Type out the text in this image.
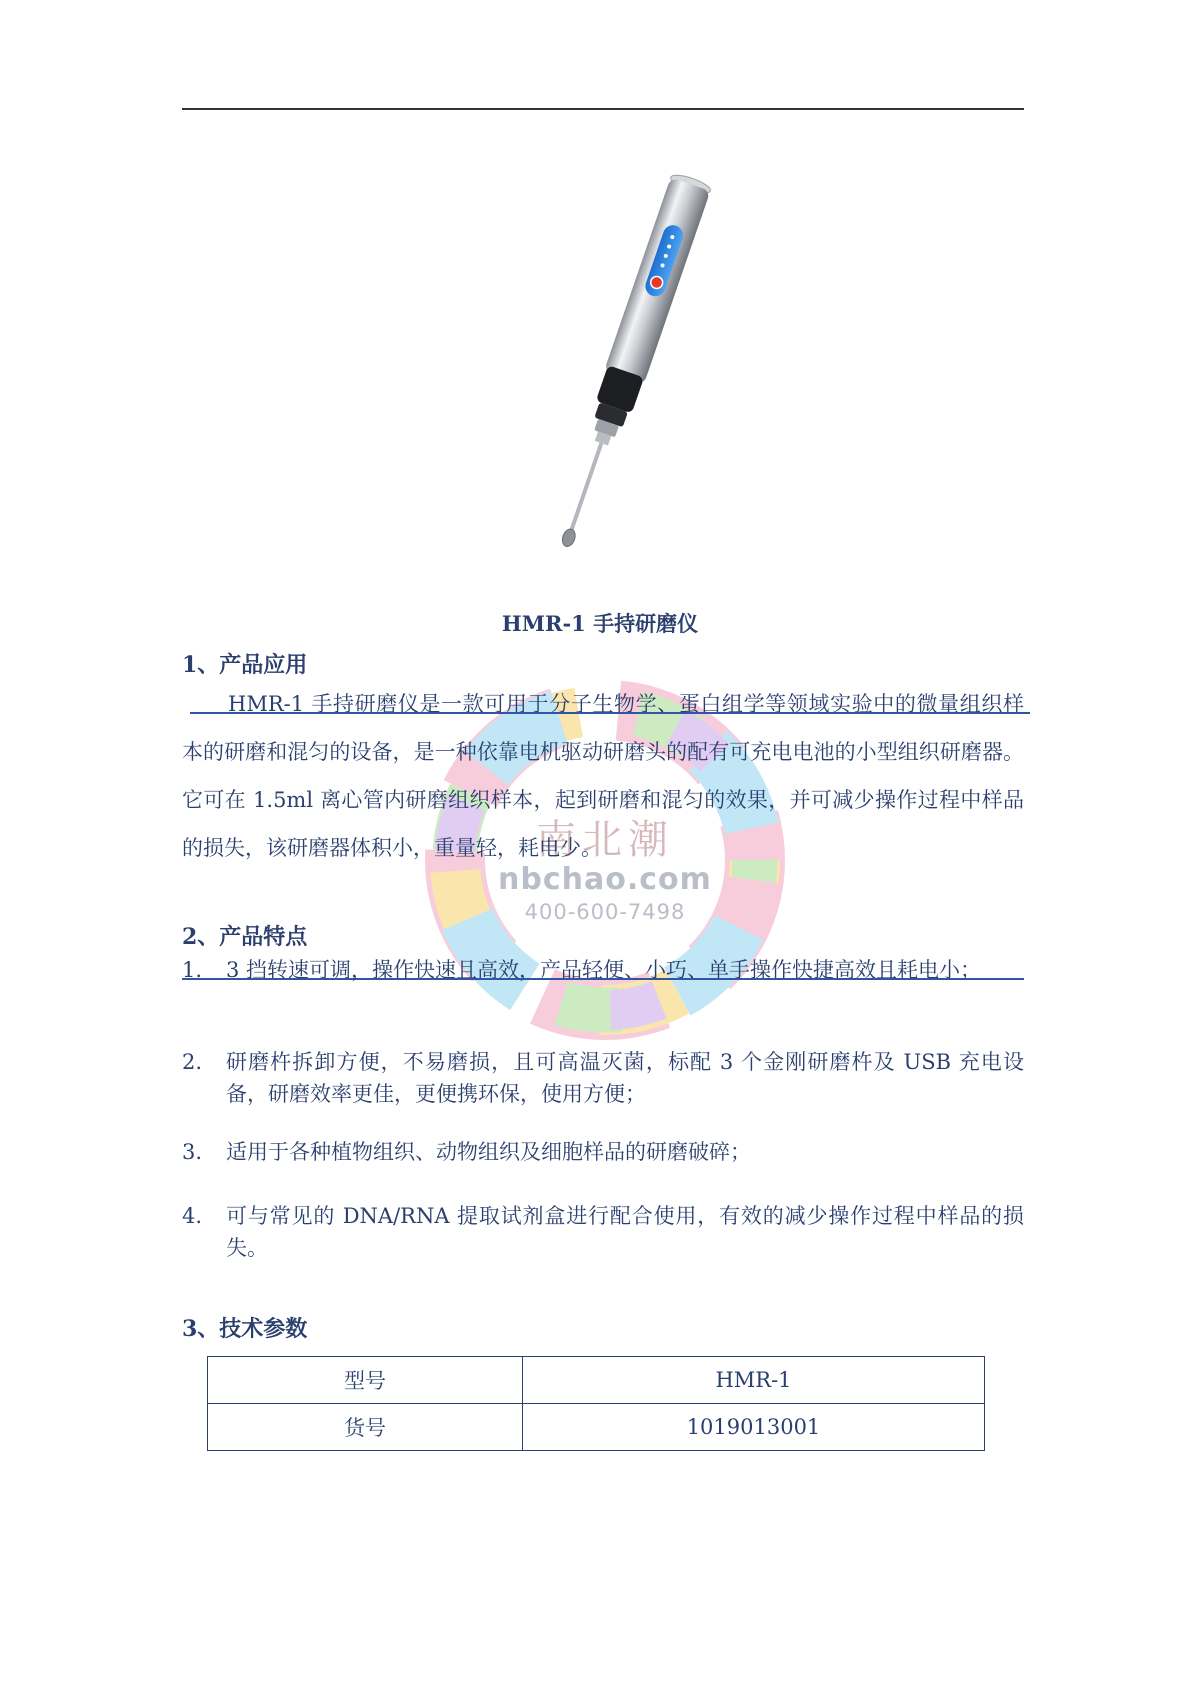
南北潮
nbchao.com
400-600-7498
HMR-1 手持研磨仪
1、产品应用

HMR-1 手持研磨仪是一款可用于分子生物学、蛋白组学等领域实验中的微量组织样本的研磨和混匀的设备，是一种依靠电机驱动研磨头的配有可充电电池的小型组织研磨器。它可在 1.5ml 离心管内研磨组织样本，起到研磨和混匀的效果，并可减少操作过程中样品的损失，该研磨器体积小，重量轻，耗电少。

2、产品特点
1.	3 挡转速可调，操作快速且高效，产品轻便、小巧、单手操作快捷高效且耗电小；
2.	研磨杵拆卸方便，不易磨损，且可高温灭菌，标配 3 个金刚研磨杵及 USB 充电设备，研磨效率更佳，更便携环保，使用方便；
3.	适用于各种植物组织、动物组织及细胞样品的研磨破碎；
4.	可与常见的 DNA/RNA 提取试剂盒进行配合使用，有效的减少操作过程中样品的损失。
3、技术参数
型号	HMR-1
货号	1019013001
